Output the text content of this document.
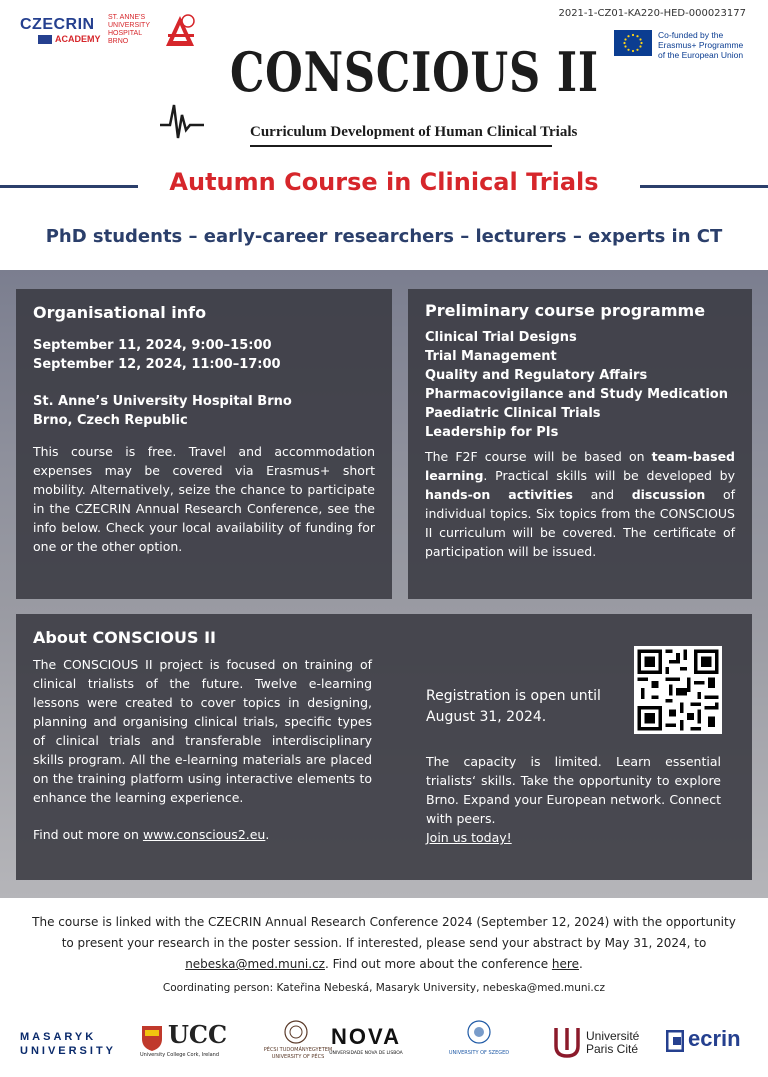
2021-1-CZ01-KA220-HED-000023177
CZECRIN
ACADEMY
ST. ANNE'S UNIVERSITY HOSPITAL BRNO
Co-funded by the Erasmus+ Programme of the European Union
CONSCIOUS II
Curriculum Development of Human Clinical Trials
Autumn Course in Clinical Trials
PhD students – early-career researchers – lecturers – experts in CT
Organisational info
September 11, 2024, 9:00–15:00
September 12, 2024, 11:00–17:00
St. Anne’s University Hospital Brno
Brno, Czech Republic
This course is free. Travel and accommodation expenses may be covered via Erasmus+ short mobility. Alternatively, seize the chance to participate in the CZECRIN Annual Research Conference, see the info below. Check your local availability of funding for one or the other option.
Preliminary course programme
Clinical Trial Designs
Trial Management
Quality and Regulatory Affairs
Pharmacovigilance and Study Medication
Paediatric Clinical Trials
Leadership for PIs
The F2F course will be based on team-based learning. Practical skills will be developed by hands-on activities and discussion of individual topics. Six topics from the CONSCIOUS II curriculum will be covered. The certificate of participation will be issued.
About CONSCIOUS II
The CONSCIOUS II project is focused on training of clinical trialists of the future. Twelve e-learning lessons were created to cover topics in designing, planning and organising clinical trials, specific types of clinical trials and transferable interdisciplinary skills program. All the e-learning materials are placed on the training platform using interactive elements to enhance the learning experience.
Find out more on www.conscious2.eu.
Registration is open until
August 31, 2024.
The capacity is limited. Learn essential trialists‘ skills. Take the opportunity to explore Brno. Expand your European network. Connect with peers.
Join us today!
The course is linked with the CZECRIN Annual Research Conference 2024 (September 12, 2024) with the opportunity to present your research in the poster session. If interested, please send your abstract by May 31, 2024, to nebeska@med.muni.cz. Find out more about the conference here.
Coordinating person: Kateřina Nebeská, Masaryk University, nebeska@med.muni.cz
MASARYK UNIVERSITY
UCC
University College Cork, Ireland
PÉCSI TUDOMÁNYEGYETEM
UNIVERSITY OF PÉCS
NOVA
UNIVERSIDADE NOVA DE LISBOA	UNIVERSITY OF SZEGED
Université Paris Cité	ecrin
